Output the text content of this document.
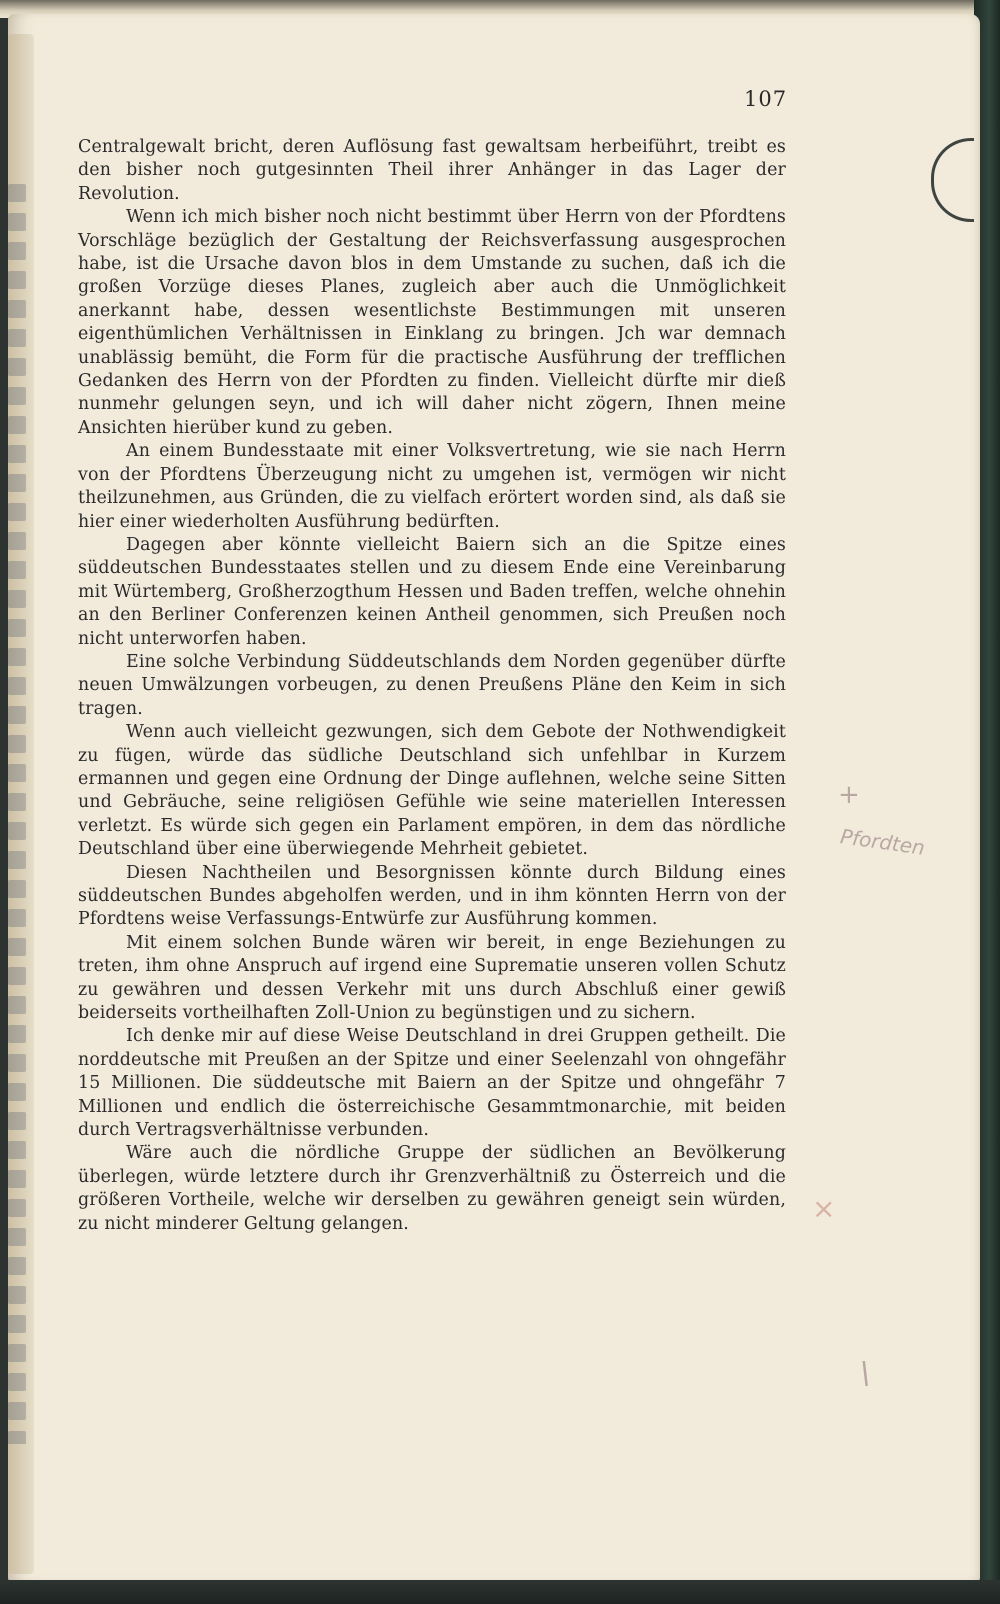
107

Centralgewalt bricht, deren Auflösung fast gewaltsam herbeiführt, treibt es den bisher noch gutgesinnten Theil ihrer Anhänger in das Lager der Revolution.

Wenn ich mich bisher noch nicht bestimmt über Herrn von der Pfordtens Vorschläge bezüglich der Gestaltung der Reichsverfassung ausgesprochen habe, ist die Ursache davon blos in dem Umstande zu suchen, daß ich die großen Vorzüge dieses Planes, zugleich aber auch die Unmöglichkeit anerkannt habe, dessen wesentlichste Bestimmungen mit unseren eigenthümlichen Verhältnissen in Einklang zu bringen. Jch war demnach unablässig bemüht, die Form für die practische Ausführung der trefflichen Gedanken des Herrn von der Pfordten zu finden. Vielleicht dürfte mir dieß nunmehr gelungen seyn, und ich will daher nicht zögern, Ihnen meine Ansichten hierüber kund zu geben.

An einem Bundesstaate mit einer Volksvertretung, wie sie nach Herrn von der Pfordtens Überzeugung nicht zu umgehen ist, vermögen wir nicht theilzunehmen, aus Gründen, die zu vielfach erörtert worden sind, als daß sie hier einer wiederholten Ausführung bedürften.

Dagegen aber könnte vielleicht Baiern sich an die Spitze eines süddeutschen Bundesstaates stellen und zu diesem Ende eine Vereinbarung mit Würtemberg, Großherzogthum Hessen und Baden treffen, welche ohnehin an den Berliner Conferenzen keinen Antheil genommen, sich Preußen noch nicht unterworfen haben.

Eine solche Verbindung Süddeutschlands dem Norden gegenüber dürfte neuen Umwälzungen vorbeugen, zu denen Preußens Pläne den Keim in sich tragen.

Wenn auch vielleicht gezwungen, sich dem Gebote der Nothwendigkeit zu fügen, würde das südliche Deutschland sich unfehlbar in Kurzem ermannen und gegen eine Ordnung der Dinge auflehnen, welche seine Sitten und Gebräuche, seine religiösen Gefühle wie seine materiellen Interessen verletzt. Es würde sich gegen ein Parlament empören, in dem das nördliche Deutschland über eine überwiegende Mehrheit gebietet.

Diesen Nachtheilen und Besorgnissen könnte durch Bildung eines süddeutschen Bundes abgeholfen werden, und in ihm könnten Herrn von der Pfordtens weise Verfassungs-Entwürfe zur Ausführung kommen.

Mit einem solchen Bunde wären wir bereit, in enge Beziehungen zu treten, ihm ohne Anspruch auf irgend eine Suprematie unseren vollen Schutz zu gewähren und dessen Verkehr mit uns durch Abschluß einer gewiß beiderseits vortheilhaften Zoll-Union zu begünstigen und zu sichern.

Ich denke mir auf diese Weise Deutschland in drei Gruppen getheilt. Die norddeutsche mit Preußen an der Spitze und einer Seelenzahl von ohngefähr 15 Millionen. Die süddeutsche mit Baiern an der Spitze und ohngefähr 7 Millionen und endlich die österreichische Gesammtmonarchie, mit beiden durch Vertragsverhältnisse verbunden.

Wäre auch die nördliche Gruppe der südlichen an Bevölkerung überlegen, würde letztere durch ihr Grenzverhältniß zu Österreich und die größeren Vortheile, welche wir derselben zu gewähren geneigt sein würden, zu nicht minderer Geltung gelangen.

+
Pfordten
×
\
